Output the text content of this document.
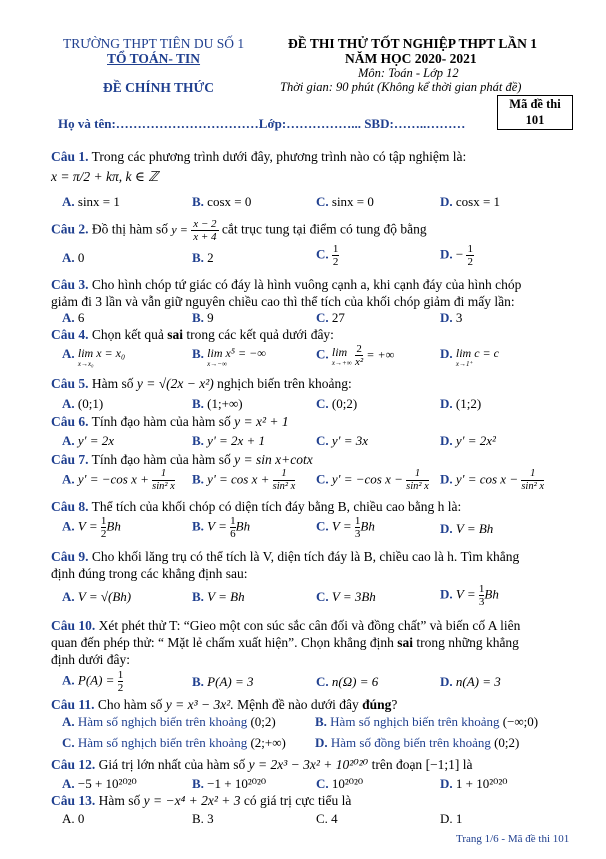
TRƯỜNG THPT TIÊN DU SỐ 1
TỔ TOÁN- TIN
ĐỀ CHÍNH THỨC
ĐỀ THI THỬ TỐT NGHIỆP THPT LẦN 1
NĂM HỌC 2020- 2021
Môn: Toán - Lớp 12
Thời gian: 90 phút (Không kể thời gian phát đề)
Mã đề thi
101
Họ và tên:……………………………Lớp:……………... SBD:……..………
Câu 1. Trong các phương trình dưới đây, phương trình nào có tập nghiệm là:
x = π/2 + kπ, k ∈ ℤ
A. sinx = 1	B. cosx = 0	C. sinx = 0	D. cosx = 1
Câu 2. Đồ thị hàm số $y = \frac{x - 2}{x + 4}$ cắt trục tung tại điểm có tung độ bằng
A. 0	B. 2	C. $\frac{1}{2}$	D. − $\frac{1}{2}$
Câu 3. Cho hình chóp tứ giác có đáy là hình vuông cạnh a, khi cạnh đáy của hình chóp
giảm đi 3 lần và vẫn giữ nguyên chiều cao thì thể tích của khối chóp giảm đi mấy lần:
A. 6	B. 9	C. 27	D. 3
Câu 4. Chọn kết quả sai trong các kết quả dưới đây:
A. lim x = x₀
x→x₀
B. lim x⁵ = −∞
x→−∞
C. lim
x→+∞
$\frac{2}{\text{x²}}$ = +∞	D. lim c = c
x→1⁺
Câu 5. Hàm số y = √(2x − x²) nghịch biến trên khoảng:
A. (0;1)	B. (1;+∞)	C. (0;2)	D. (1;2)
Câu 6. Tính đạo hàm của hàm số y = x² + 1
A. y' = 2x	B. y' = 2x + 1	C. y' = 3x	D. y' = 2x²
Câu 7. Tính đạo hàm của hàm số y = sin x+cotx
A. y' = −cos $x + \frac{1}{\text{sin² x}} B$. $y' = \cos x + \frac{1}{\text{sin² x}} C$. y' = −cos $x - \frac{1}{\text{sin² x}} D$. $y' = \cos x - \frac{1}{\text{sin² x}}$
Câu 8. Thể tích của khối chóp có diện tích đáy bằng B, chiều cao bằng h là:
A. $V = \frac{1}{2}$ Bh	B. $V = \frac{1}{6}$ Bh	C. $V = \frac{1}{3}$ Bh	D. V = Bh
Câu 9. Cho khối lăng trụ có thể tích là V, diện tích đáy là B, chiều cao là h. Tìm khẳng
định đúng trong các khẳng định sau:
A. V = √(Bh)	B. V = Bh	C. V = 3Bh	D. $V = \frac{1}{3}$ Bh
Câu 10. Xét phét thử T: “Gieo một con súc sắc cân đối và đồng chất” và biến cố A liên
quan đến phép thử: “ Mặt lẻ chấm xuất hiện”. Chọn khẳng định sai trong những khẳng
định dưới đây:
A. $P(A) = \frac{1}{2}$	B. P(A) = 3	C. n(Ω) = 6	D. n(A) = 3
Câu 11. Cho hàm số y = x³ − 3x². Mệnh đề nào dưới đây đúng?
A. Hàm số nghịch biến trên khoảng (0;2)	B. Hàm số nghịch biến trên khoảng (−∞;0)
C. Hàm số nghịch biến trên khoảng (2;+∞) D. Hàm số đồng biến trên khoảng (0;2)
Câu 12. Giá trị lớn nhất của hàm số y = 2x³ − 3x² + 10²⁰²⁰ trên đoạn [−1;1] là
A. −5 + 10²⁰²⁰	B. −1 + 10²⁰²⁰	C. 10²⁰²⁰	D. 1 + 10²⁰²⁰
Câu 13. Hàm số y = −x⁴ + 2x² + 3 có giá trị cực tiểu là
A. 0	B. 3	C. 4	D. 1
Trang 1/6 - Mã đề thi 101
